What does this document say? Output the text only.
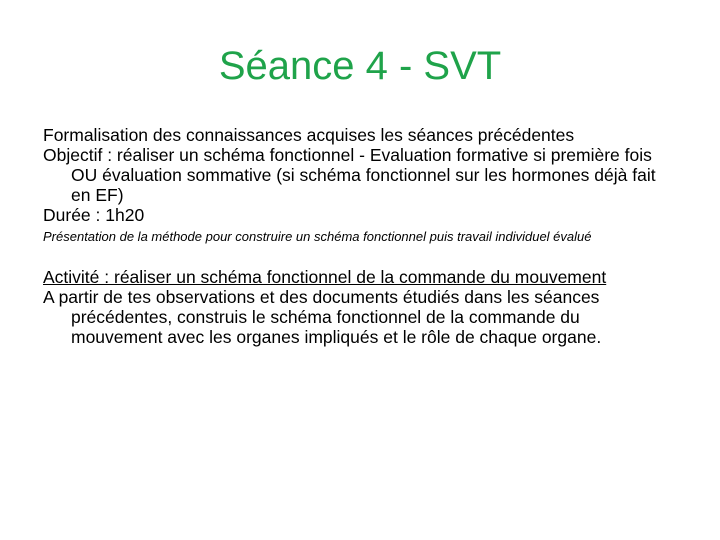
Séance 4 - SVT

Formalisation des connaissances acquises les séances précédentes

Objectif : réaliser un schéma fonctionnel - Evaluation formative si première fois OU évaluation sommative (si schéma fonctionnel sur les hormones déjà fait en EF)

Durée : 1h20

Présentation de la méthode pour construire un schéma fonctionnel puis travail individuel évalué

Activité : réaliser un schéma fonctionnel de la commande du mouvement

A partir de tes observations et des documents étudiés dans les séances précédentes, construis le schéma fonctionnel de la commande du mouvement avec les organes impliqués et le rôle de chaque organe.
